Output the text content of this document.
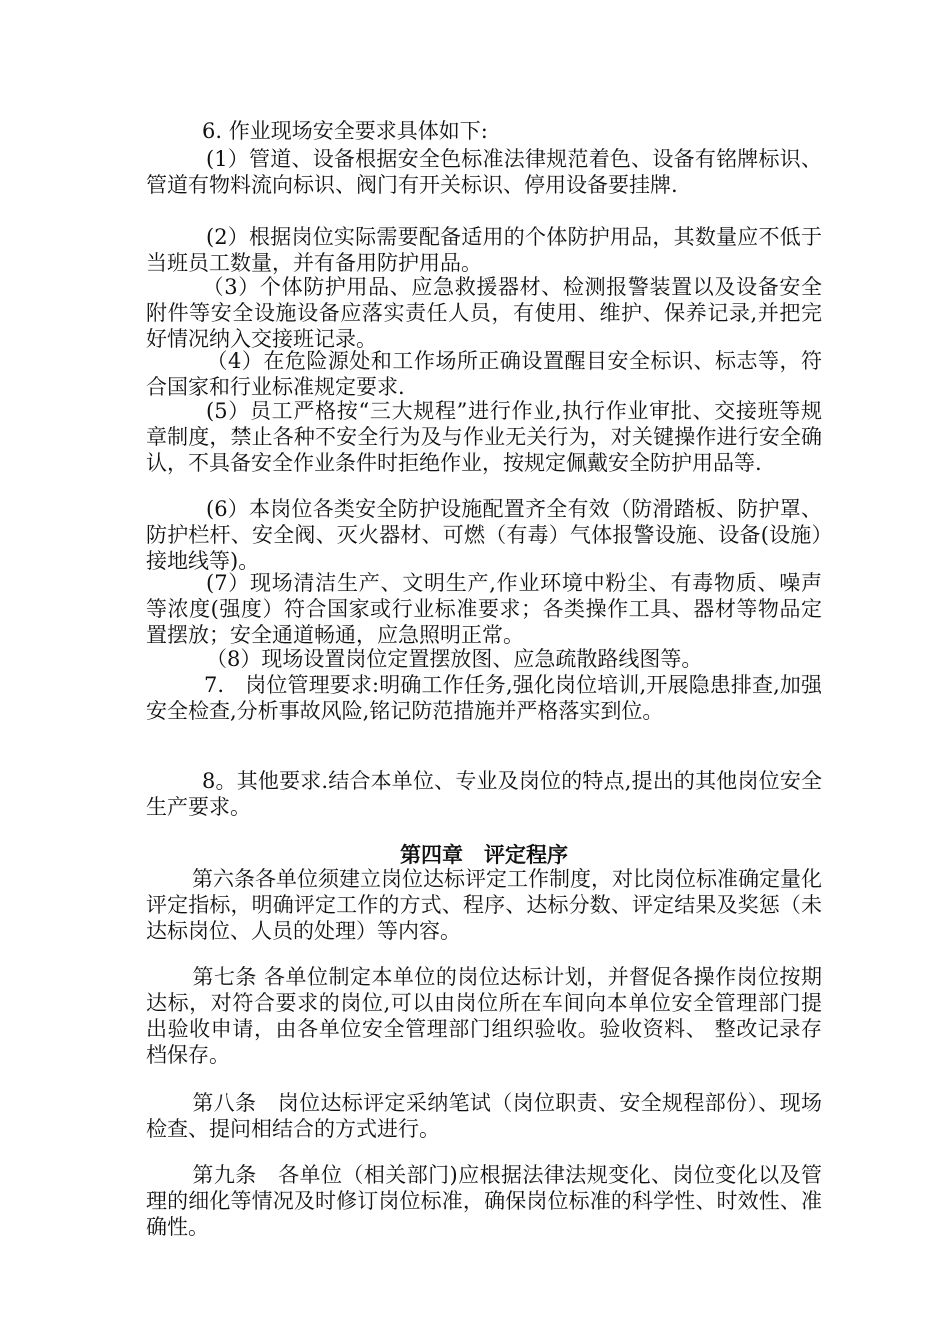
6. 作业现场安全要求具体如下:

(1）管道、设备根据安全色标准法律规范着色、设备有铭牌标识、管道有物料流向标识、阀门有开关标识、停用设备要挂牌.

(2）根据岗位实际需要配备适用的个体防护用品，其数量应不低于当班员工数量，并有备用防护用品。

（3）个体防护用品、应急救援器材、检测报警装置以及设备安全附件等安全设施设备应落实责任人员，有使用、维护、保养记录,并把完好情况纳入交接班记录。

（4）在危险源处和工作场所正确设置醒目安全标识、标志等，符合国家和行业标准规定要求.

(5）员工严格按“三大规程”进行作业,执行作业审批、交接班等规章制度，禁止各种不安全行为及与作业无关行为，对关键操作进行安全确认，不具备安全作业条件时拒绝作业，按规定佩戴安全防护用品等.

(6）本岗位各类安全防护设施配置齐全有效（防滑踏板、防护罩、防护栏杆、安全阀、灭火器材、可燃（有毒）气体报警设施、设备(设施）接地线等)。

(7）现场清洁生产、文明生产,作业环境中粉尘、有毒物质、噪声等浓度(强度）符合国家或行业标准要求；各类操作工具、器材等物品定置摆放；安全通道畅通，应急照明正常。

（8）现场设置岗位定置摆放图、应急疏散路线图等。

7.　岗位管理要求:明确工作任务,强化岗位培训,开展隐患排查,加强安全检查,分析事故风险,铭记防范措施并严格落实到位。

8。其他要求.结合本单位、专业及岗位的特点,提出的其他岗位安全生产要求。

第四章　评定程序

第六条各单位须建立岗位达标评定工作制度，对比岗位标准确定量化评定指标，明确评定工作的方式、程序、达标分数、评定结果及奖惩（未达标岗位、人员的处理）等内容。

第七条 各单位制定本单位的岗位达标计划，并督促各操作岗位按期达标，对符合要求的岗位,可以由岗位所在车间向本单位安全管理部门提出验收申请，由各单位安全管理部门组织验收。验收资料、 整改记录存档保存。

第八条　岗位达标评定采纳笔试（岗位职责、安全规程部份）、现场检查、提问相结合的方式进行。

第九条　各单位（相关部门)应根据法律法规变化、岗位变化以及管理的细化等情况及时修订岗位标准，确保岗位标准的科学性、时效性、准确性。
